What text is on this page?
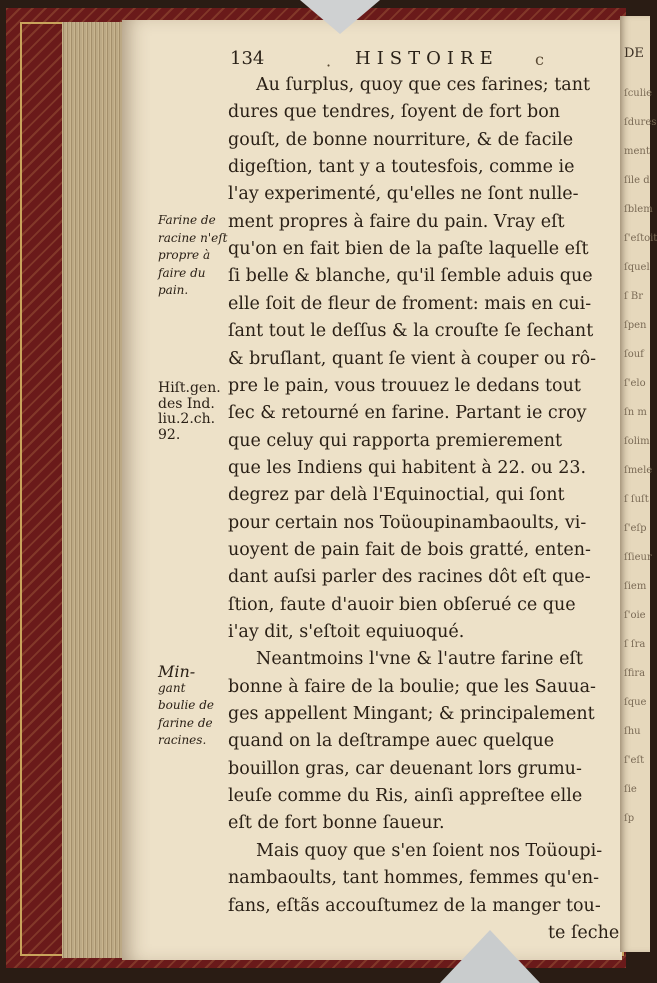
DE
ſculie
ſdures
ment
ſile d
ſblem
ſ'eſtoit
ſquel
ſ Br
ſpen
ſouf
ſ'elo
ſn m
ſolim
ſmele
ſ ſuſt
ſ'eſp
ſſieur
ſiem
ſ'oie
ſ ſra
ſfira
ſque
ſhu
ſ'eſt
ſie
ſp
134	HISTOIRE
Au ſurplus, quoy que ces farines; tant
dures que tendres, ſoyent de fort bon
gouſt, de bonne nourriture, & de facile
digeſtion, tant y a toutesfois, comme ie
l'ay experimenté, qu'elles ne ſont nulle-
ment propres à faire du pain. Vray eſt
qu'on en fait bien de la paſte laquelle eſt
ſi belle & blanche, qu'il ſemble aduis que
elle ſoit de fleur de froment: mais en cui-
ſant tout le deſſus & la crouſte ſe ſechant
& bruſlant, quant ſe vient à couper ou rô-
pre le pain, vous trouuez le dedans tout
ſec & retourné en farine. Partant ie croy
que celuy qui rapporta premierement
que les Indiens qui habitent à 22. ou 23.
degrez par delà l'Equinoctial, qui ſont
pour certain nos Toüoupinambaoults, vi-
uoyent de pain fait de bois gratté, enten-
dant auſsi parler des racines dôt eſt que-
ſtion, faute d'auoir bien obſerué ce que
i'ay dit, s'eſtoit equiuoqué.
Neantmoins l'vne & l'autre farine eſt
bonne à faire de la boulie; que les Sauua-
ges appellent Mingant; & principalement
quand on la deſtrampe auec quelque
bouillon gras, car deuenant lors grumu-
leuſe comme du Ris, ainſi appreſtee elle
eſt de fort bonne ſaueur.
Mais quoy que s'en ſoient nos Toüoupi-
nambaoults, tant hommes, femmes qu'en-
fans, eſtãs accouſtumez de la manger tou-
te ſeche
Farine de
racine n'eſt
propre à
faire du
pain.
Hiſt.gen.
des Ind.
liu.2.ch.
92.
Min-
gant
boulie de
farine de
racines.
·	c
